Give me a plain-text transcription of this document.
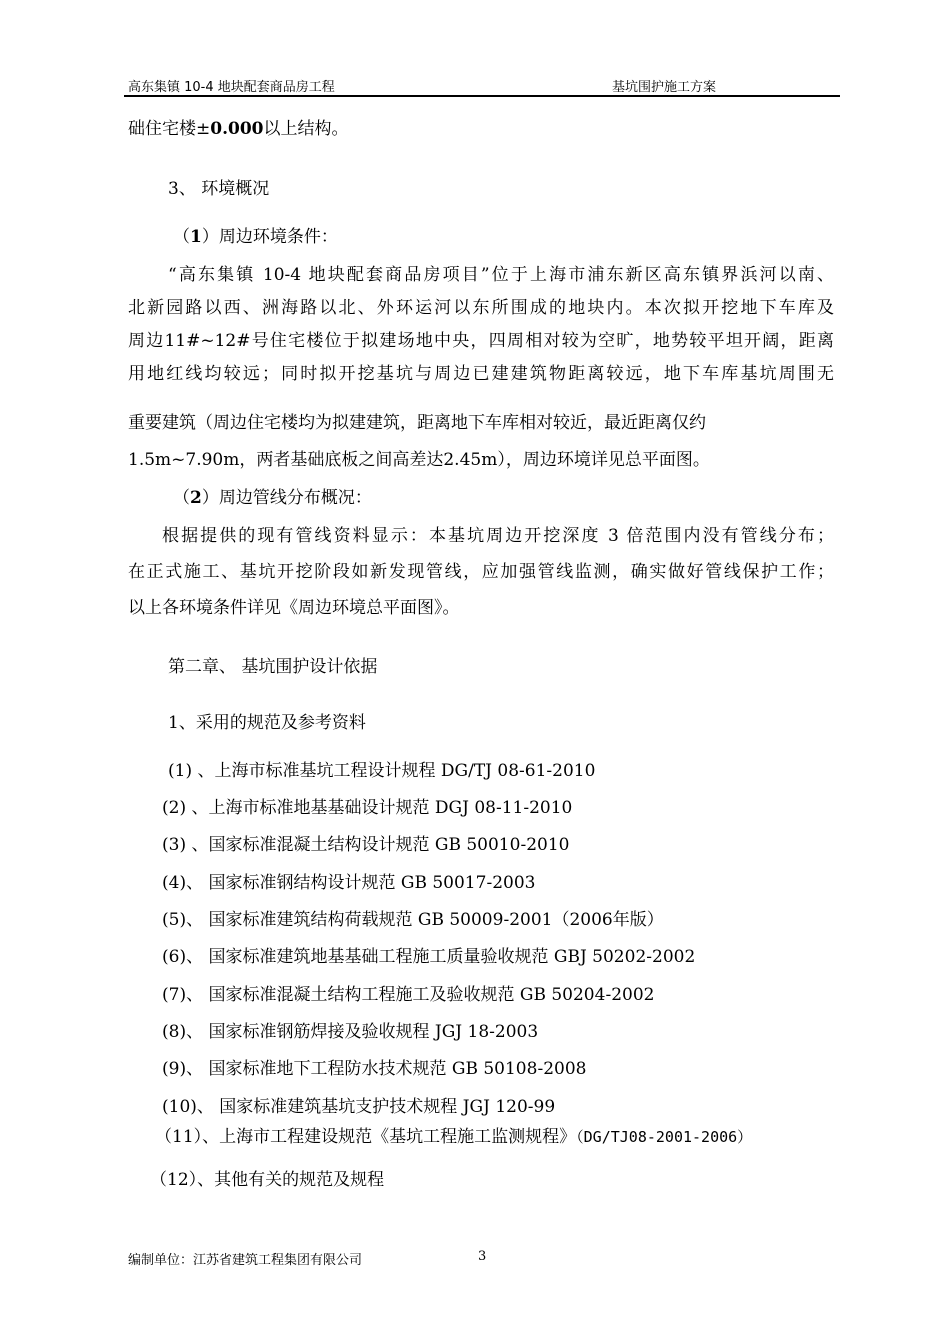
高东集镇 10-4 地块配套商品房工程	基坑围护施工方案
础住宅楼±0.000以上结构。
3、 环境概况
（1）周边环境条件：
“高东集镇 10-4 地块配套商品房项目”位于上海市浦东新区高东镇界浜河以南、
北新园路以西、洲海路以北、外环运河以东所围成的地块内。本次拟开挖地下车库及
周边11#~12#号住宅楼位于拟建场地中央，四周相对较为空旷，地势较平坦开阔，距离
用地红线均较远；同时拟开挖基坑与周边已建建筑物距离较远，地下车库基坑周围无
重要建筑（周边住宅楼均为拟建建筑，距离地下车库相对较近，最近距离仅约
1.5m~7.90m，两者基础底板之间高差达2.45m），周边环境详见总平面图。
（2）周边管线分布概况：
根据提供的现有管线资料显示：本基坑周边开挖深度 3 倍范围内没有管线分布；
在正式施工、基坑开挖阶段如新发现管线，应加强管线监测，确实做好管线保护工作；
以上各环境条件详见《周边环境总平面图》。
第二章、 基坑围护设计依据
1、采用的规范及参考资料
(1) 、上海市标准基坑工程设计规程 DG/TJ 08-61-2010
(2) 、上海市标准地基基础设计规范 DGJ 08-11-2010
(3) 、国家标准混凝土结构设计规范 GB 50010-2010
(4)、 国家标准钢结构设计规范 GB 50017-2003
(5)、 国家标准建筑结构荷载规范 GB 50009-2001（2006年版）
(6)、 国家标准建筑地基基础工程施工质量验收规范 GBJ 50202-2002
(7)、 国家标准混凝土结构工程施工及验收规范 GB 50204-2002
(8)、 国家标准钢筋焊接及验收规程 JGJ 18-2003
(9)、 国家标准地下工程防水技术规范 GB 50108-2008
(10)、 国家标准建筑基坑支护技术规程 JGJ 120-99
（11）、上海市工程建设规范《基坑工程施工监测规程》（DG/TJ08-2001-2006）
（12）、其他有关的规范及规程
编制单位：江苏省建筑工程集团有限公司	3
